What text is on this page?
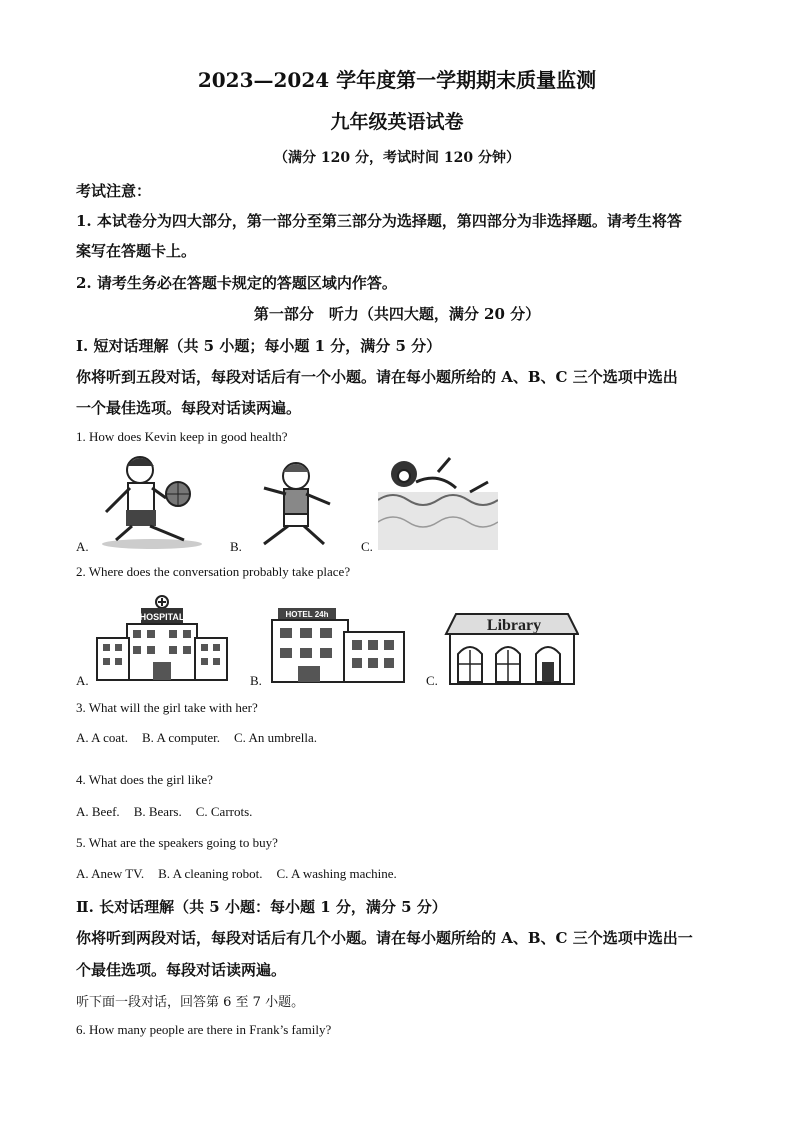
2023—2024 学年度第一学期期末质量监测
九年级英语试卷
（满分 120 分，考试时间 120 分钟）
考试注意：
1. 本试卷分为四大部分，第一部分至第三部分为选择题，第四部分为非选择题。请考生将答
案写在答题卡上。
2. 请考生务必在答题卡规定的答题区域内作答。
第一部分　听力（共四大题，满分 20 分）
Ⅰ. 短对话理解（共 5 小题；每小题 1 分，满分 5 分）
你将听到五段对话，每段对话后有一个小题。请在每小题所给的 A、B、C 三个选项中选出
一个最佳选项。每段对话读两遍。
1. How does Kevin keep in good health?
A.	B.	C.
2. Where does the conversation probably take place?
HOSPITAL
A.
HOTEL 24h
B.
Library
C.
3. What will the girl take with her?
A. A coat. B. A computer. C. An umbrella.
4. What does the girl like?
A. Beef. B. Bears. C. Carrots.
5. What are the speakers going to buy?
A. Anew TV. B. A cleaning robot. C. A washing machine.
Ⅱ. 长对话理解（共 5 小题：每小题 1 分，满分 5 分）
你将听到两段对话，每段对话后有几个小题。请在每小题所给的 A、B、C 三个选项中选出一
个最佳选项。每段对话读两遍。
听下面一段对话，回答第 6 至 7 小题。
6. How many people are there in Frank’s family?
